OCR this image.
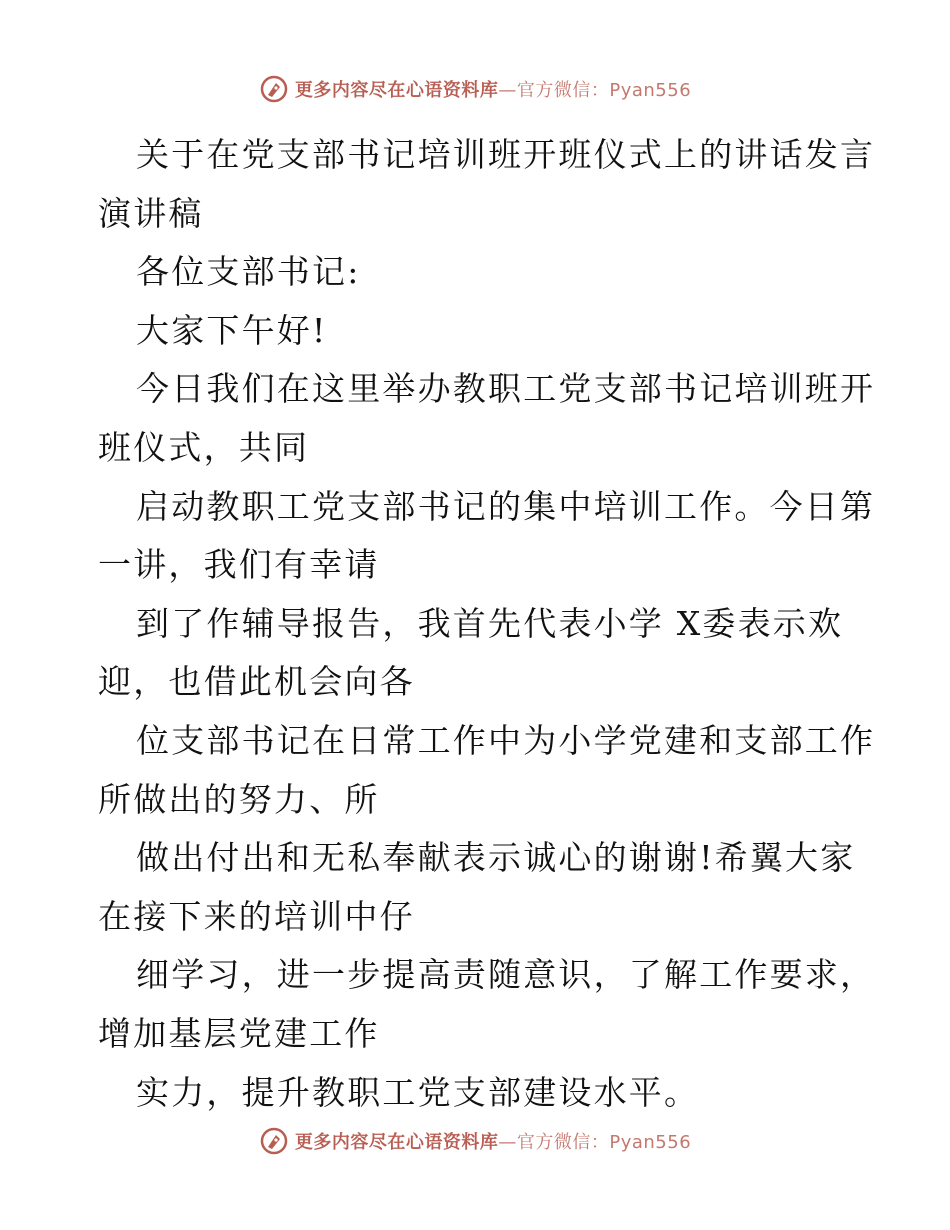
更多内容尽在心语资料库—官方微信：Pyan556
关于在党支部书记培训班开班仪式上的讲话发言
演讲稿
各位支部书记:
大家下午好!
今日我们在这里举办教职工党支部书记培训班开
班仪式，共同
启动教职工党支部书记的集中培训工作。今日第
一讲，我们有幸请
到了作辅导报告，我首先代表小学 X委表示欢
迎，也借此机会向各
位支部书记在日常工作中为小学党建和支部工作
所做出的努力、所
做出付出和无私奉献表示诚心的谢谢!希翼大家
在接下来的培训中仔
细学习，进一步提高责随意识，了解工作要求，
增加基层党建工作
实力，提升教职工党支部建设水平。
更多内容尽在心语资料库—官方微信：Pyan556
